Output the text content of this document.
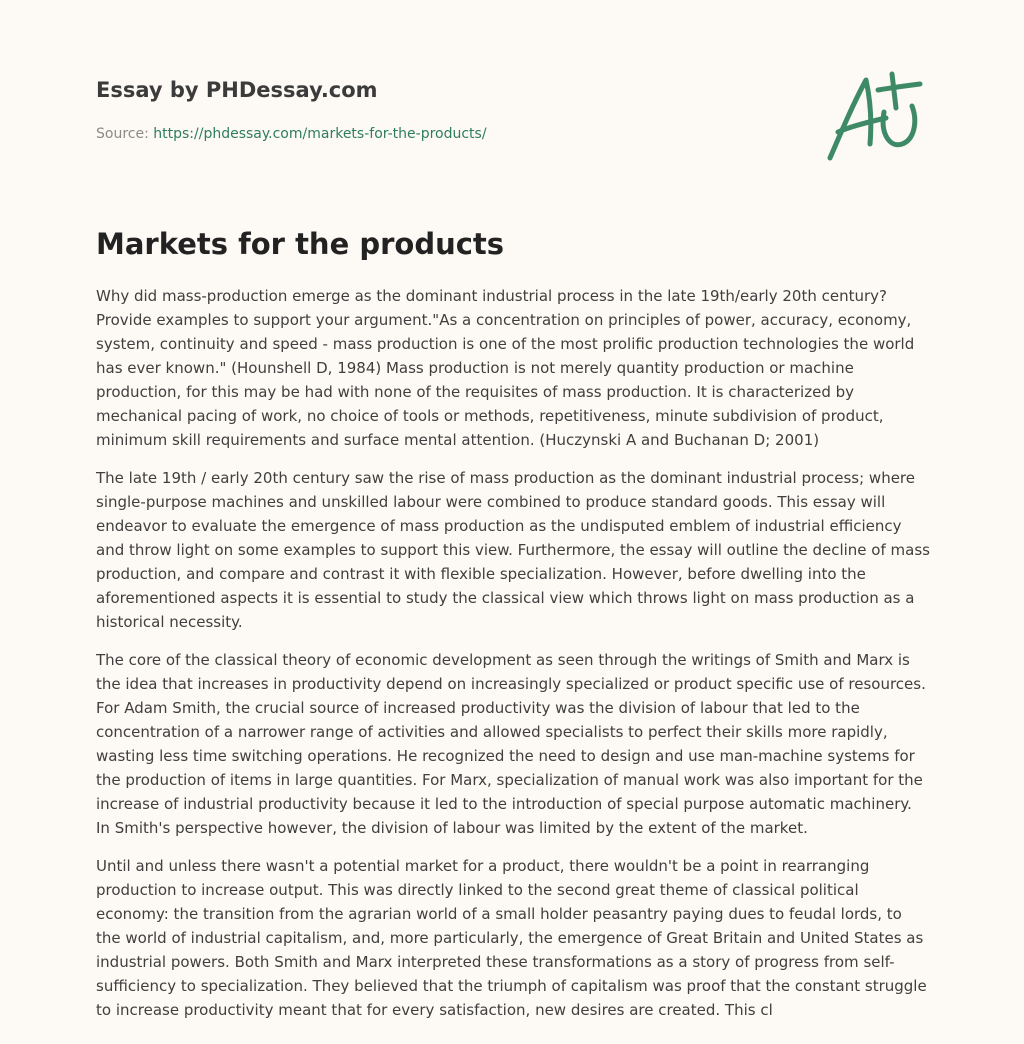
Essay by PHDessay.com
Source: https://phdessay.com/markets-for-the-products/
Markets for the products

Why did mass-production emerge as the dominant industrial process in the late 19th/early 20th century? Provide examples to support your argument."As a concentration on principles of power, accuracy, economy, system, continuity and speed - mass production is one of the most prolific production technologies the world has ever known." (Hounshell D, 1984) Mass production is not merely quantity production or machine production, for this may be had with none of the requisites of mass production. It is characterized by mechanical pacing of work, no choice of tools or methods, repetitiveness, minute subdivision of product, minimum skill requirements and surface mental attention. (Huczynski A and Buchanan D; 2001)

The late 19th / early 20th century saw the rise of mass production as the dominant industrial process; where single-purpose machines and unskilled labour were combined to produce standard goods. This essay will endeavor to evaluate the emergence of mass production as the undisputed emblem of industrial efficiency and throw light on some examples to support this view. Furthermore, the essay will outline the decline of mass production, and compare and contrast it with flexible specialization. However, before dwelling into the aforementioned aspects it is essential to study the classical view which throws light on mass production as a historical necessity.

The core of the classical theory of economic development as seen through the writings of Smith and Marx is the idea that increases in productivity depend on increasingly specialized or product specific use of resources. For Adam Smith, the crucial source of increased productivity was the division of labour that led to the concentration of a narrower range of activities and allowed specialists to perfect their skills more rapidly, wasting less time switching operations. He recognized the need to design and use man-machine systems for the production of items in large quantities. For Marx, specialization of manual work was also important for the increase of industrial productivity because it led to the introduction of special purpose automatic machinery. In Smith's perspective however, the division of labour was limited by the extent of the market.

Until and unless there wasn't a potential market for a product, there wouldn't be a point in rearranging production to increase output. This was directly linked to the second great theme of classical political economy: the transition from the agrarian world of a small holder peasantry paying dues to feudal lords, to the world of industrial capitalism, and, more particularly, the emergence of Great Britain and United States as industrial powers. Both Smith and Marx interpreted these transformations as a story of progress from self-sufficiency to specialization. They believed that the triumph of capitalism was proof that the constant struggle to increase productivity meant that for every satisfaction, new desires are created. This cl
